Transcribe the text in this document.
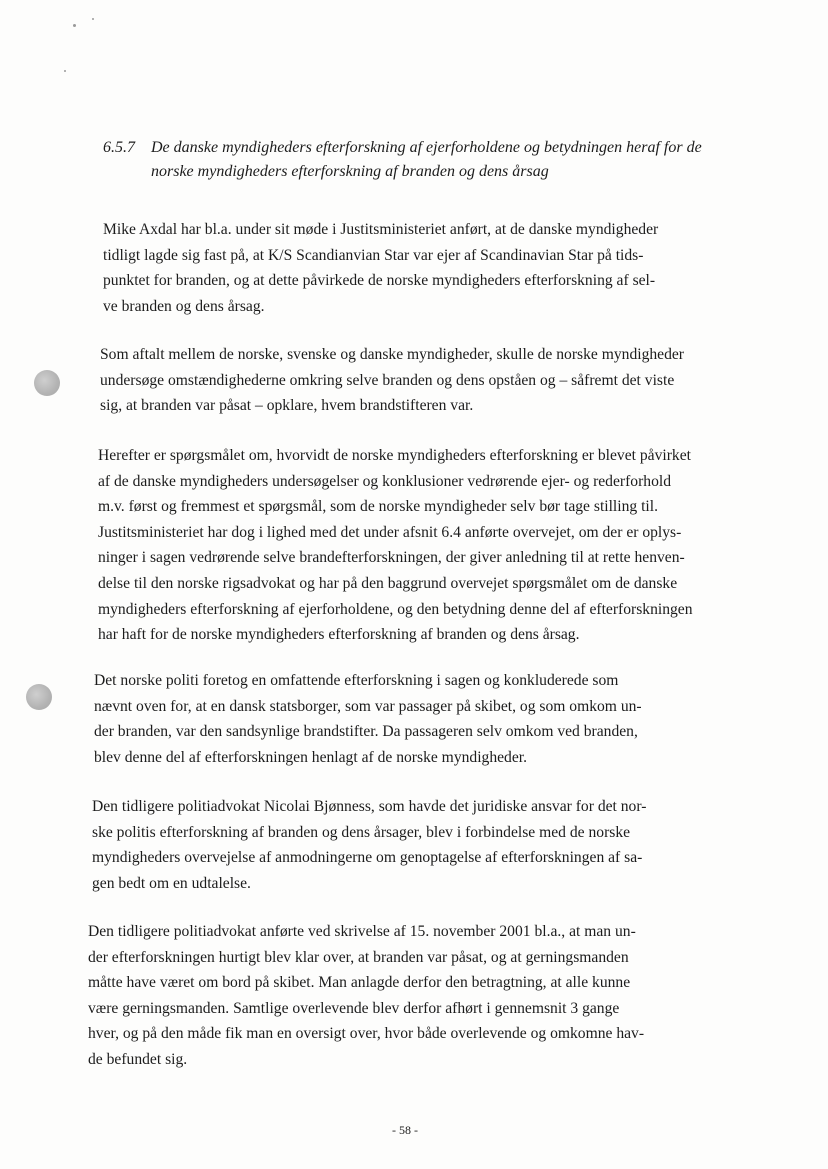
6.5.7 De danske myndigheders efterforskning af ejerforholdene og betydningen heraf for de
norske myndigheders efterforskning af branden og dens årsag

Mike Axdal har bl.a. under sit møde i Justitsministeriet anført, at de danske myndigheder
tidligt lagde sig fast på, at K/S Scandianvian Star var ejer af Scandinavian Star på tids-
punktet for branden, og at dette påvirkede de norske myndigheders efterforskning af sel-
ve branden og dens årsag.

Som aftalt mellem de norske, svenske og danske myndigheder, skulle de norske myndigheder
undersøge omstændighederne omkring selve branden og dens opståen og – såfremt det viste
sig, at branden var påsat – opklare, hvem brandstifteren var.

Herefter er spørgsmålet om, hvorvidt de norske myndigheders efterforskning er blevet påvirket
af de danske myndigheders undersøgelser og konklusioner vedrørende ejer- og rederforhold
m.v. først og fremmest et spørgsmål, som de norske myndigheder selv bør tage stilling til.
Justitsministeriet har dog i lighed med det under afsnit 6.4 anførte overvejet, om der er oplys-
ninger i sagen vedrørende selve brandefterforskningen, der giver anledning til at rette henven-
delse til den norske rigsadvokat og har på den baggrund overvejet spørgsmålet om de danske
myndigheders efterforskning af ejerforholdene, og den betydning denne del af efterforskningen
har haft for de norske myndigheders efterforskning af branden og dens årsag.

Det norske politi foretog en omfattende efterforskning i sagen og konkluderede som
nævnt oven for, at en dansk statsborger, som var passager på skibet, og som omkom un-
der branden, var den sandsynlige brandstifter. Da passageren selv omkom ved branden,
blev denne del af efterforskningen henlagt af de norske myndigheder.

Den tidligere politiadvokat Nicolai Bjønness, som havde det juridiske ansvar for det nor-
ske politis efterforskning af branden og dens årsager, blev i forbindelse med de norske
myndigheders overvejelse af anmodningerne om genoptagelse af efterforskningen af sa-
gen bedt om en udtalelse.

Den tidligere politiadvokat anførte ved skrivelse af 15. november 2001 bl.a., at man un-
der efterforskningen hurtigt blev klar over, at branden var påsat, og at gerningsmanden
måtte have været om bord på skibet. Man anlagde derfor den betragtning, at alle kunne
være gerningsmanden. Samtlige overlevende blev derfor afhørt i gennemsnit 3 gange
hver, og på den måde fik man en oversigt over, hvor både overlevende og omkomne hav-
de befundet sig.

- 58 -
